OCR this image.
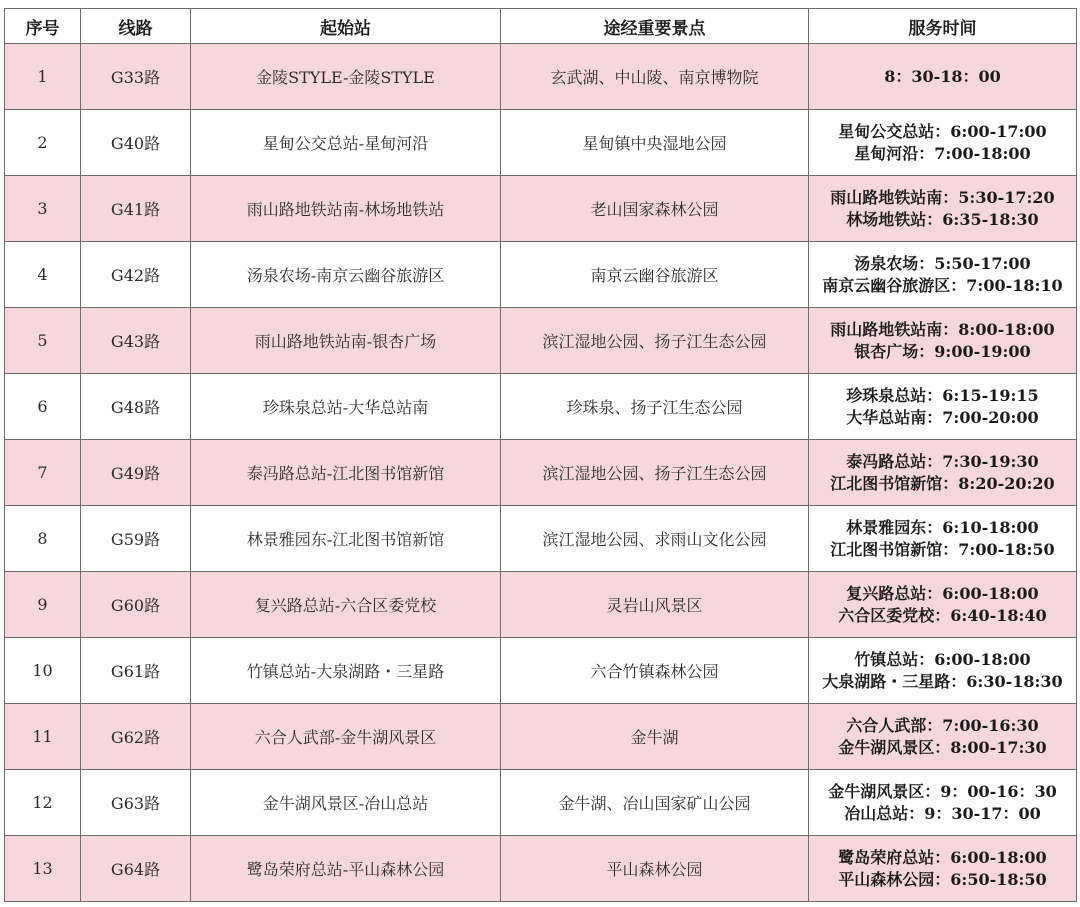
序号	线路	起始站	途经重要景点	服务时间
1	G33路	金陵STYLE-金陵STYLE	玄武湖、中山陵、南京博物院	8：30-18：00

2	G40路	星甸公交总站-星甸河沿	星甸镇中央湿地公园	星甸公交总站：6:00-17:00
星甸河沿：7:00-18:00

3	G41路	雨山路地铁站南-林场地铁站	老山国家森林公园	雨山路地铁站南：5:30-17:20
林场地铁站：6:35-18:30

4	G42路	汤泉农场-南京云幽谷旅游区	南京云幽谷旅游区	汤泉农场：5:50-17:00
南京云幽谷旅游区：7:00-18:10

5	G43路	雨山路地铁站南-银杏广场	滨江湿地公园、扬子江生态公园	雨山路地铁站南：8:00-18:00
银杏广场：9:00-19:00

6	G48路	珍珠泉总站-大华总站南	珍珠泉、扬子江生态公园	珍珠泉总站：6:15-19:15
大华总站南：7:00-20:00

7	G49路	泰冯路总站-江北图书馆新馆	滨江湿地公园、扬子江生态公园	泰冯路总站：7:30-19:30
江北图书馆新馆：8:20-20:20

8	G59路	林景雅园东-江北图书馆新馆	滨江湿地公园、求雨山文化公园	林景雅园东：6:10-18:00
江北图书馆新馆：7:00-18:50

9	G60路	复兴路总站-六合区委党校	灵岩山风景区	复兴路总站：6:00-18:00
六合区委党校：6:40-18:40

10	G61路	竹镇总站-大泉湖路・三星路	六合竹镇森林公园	竹镇总站：6:00-18:00
大泉湖路・三星路：6:30-18:30

11	G62路	六合人武部-金牛湖风景区	金牛湖	六合人武部：7:00-16:30
金牛湖风景区：8:00-17:30

12	G63路	金牛湖风景区-冶山总站	金牛湖、冶山国家矿山公园	金牛湖风景区：9：00-16：30
冶山总站：9：30-17：00

13	G64路	鹭岛荣府总站-平山森林公园	平山森林公园	鹭岛荣府总站：6:00-18:00
平山森林公园：6:50-18:50
